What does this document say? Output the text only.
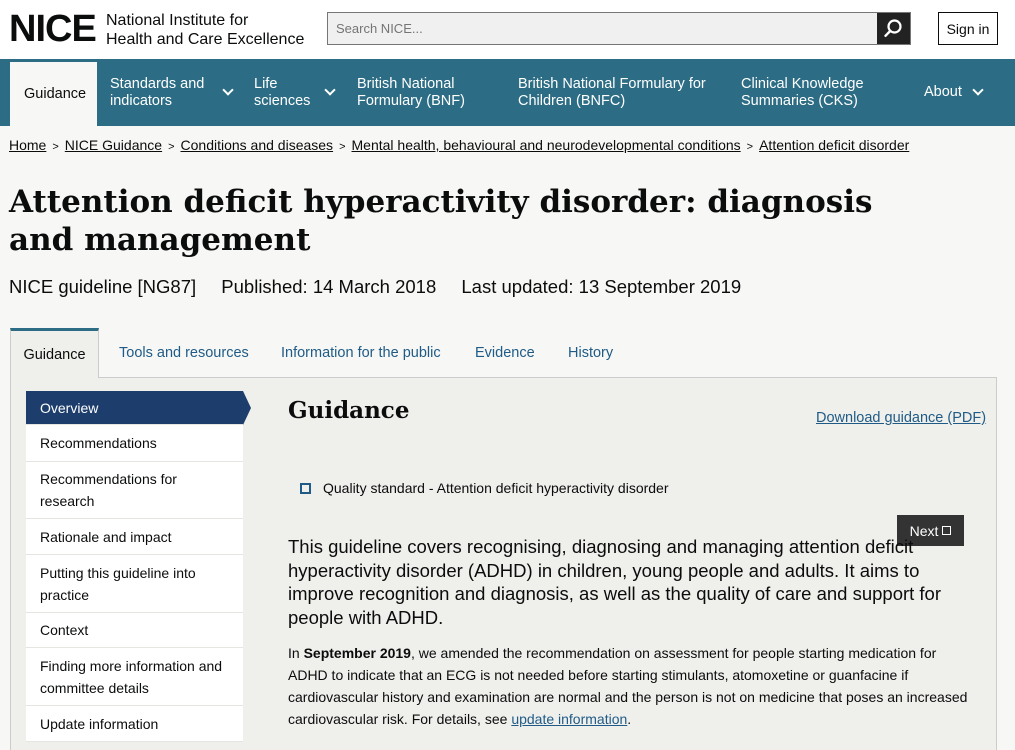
NICE National Institute for
Health and Care Excellence
Search NICE...
Sign in
Guidance
Standards and indicators
Life sciences
British National Formulary (BNF)
British National Formulary for Children (BNFC)
Clinical Knowledge Summaries (CKS)
About
Home > NICE Guidance > Conditions and diseases > Mental health, behavioural and neurodevelopmental conditions > Attention deficit disorder
Attention deficit hyperactivity disorder: diagnosis and management
NICE guideline [NG87] Published: 14 March 2018 Last updated: 13 September 2019
Guidance	Tools and resources Information for the public Evidence History
Overview
Recommendations
Recommendations for research
Rationale and impact
Putting this guideline into practice
Context
Finding more information and committee details
Update information
Guidance	Download guidance (PDF)
Quality standard - Attention deficit hyperactivity disorder
Next

This guideline covers recognising, diagnosing and managing attention deficit hyperactivity disorder (ADHD) in children, young people and adults. It aims to improve recognition and diagnosis, as well as the quality of care and support for people with ADHD.

In September 2019, we amended the recommendation on assessment for people starting medication for ADHD to indicate that an ECG is not needed before starting stimulants, atomoxetine or guanfacine if cardiovascular history and examination are normal and the person is not on medicine that poses an increased cardiovascular risk. For details, see update information.
